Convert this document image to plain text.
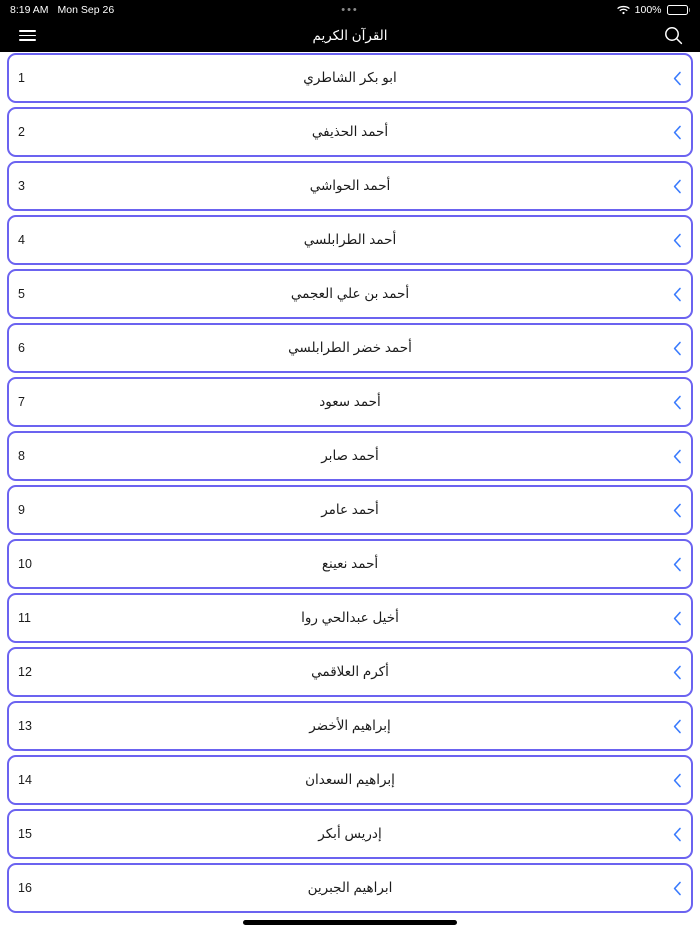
8:19 AM Mon Sep 26	•••	100%
القرآن الكريم
1	ابو بكر الشاطري
2	أحمد الحذيفي
3	أحمد الحواشي
4	أحمد الطرابلسي
5	أحمد بن علي العجمي
6	أحمد خضر الطرابلسي
7	أحمد سعود
8	أحمد صابر
9	أحمد عامر
10	أحمد نعينع
11	أخيل عبدالحي روا
12	أكرم العلاقمي
13	إبراهيم الأخضر
14	إبراهيم السعدان
15	إدريس أبكر
16	ابراهيم الجبرين
